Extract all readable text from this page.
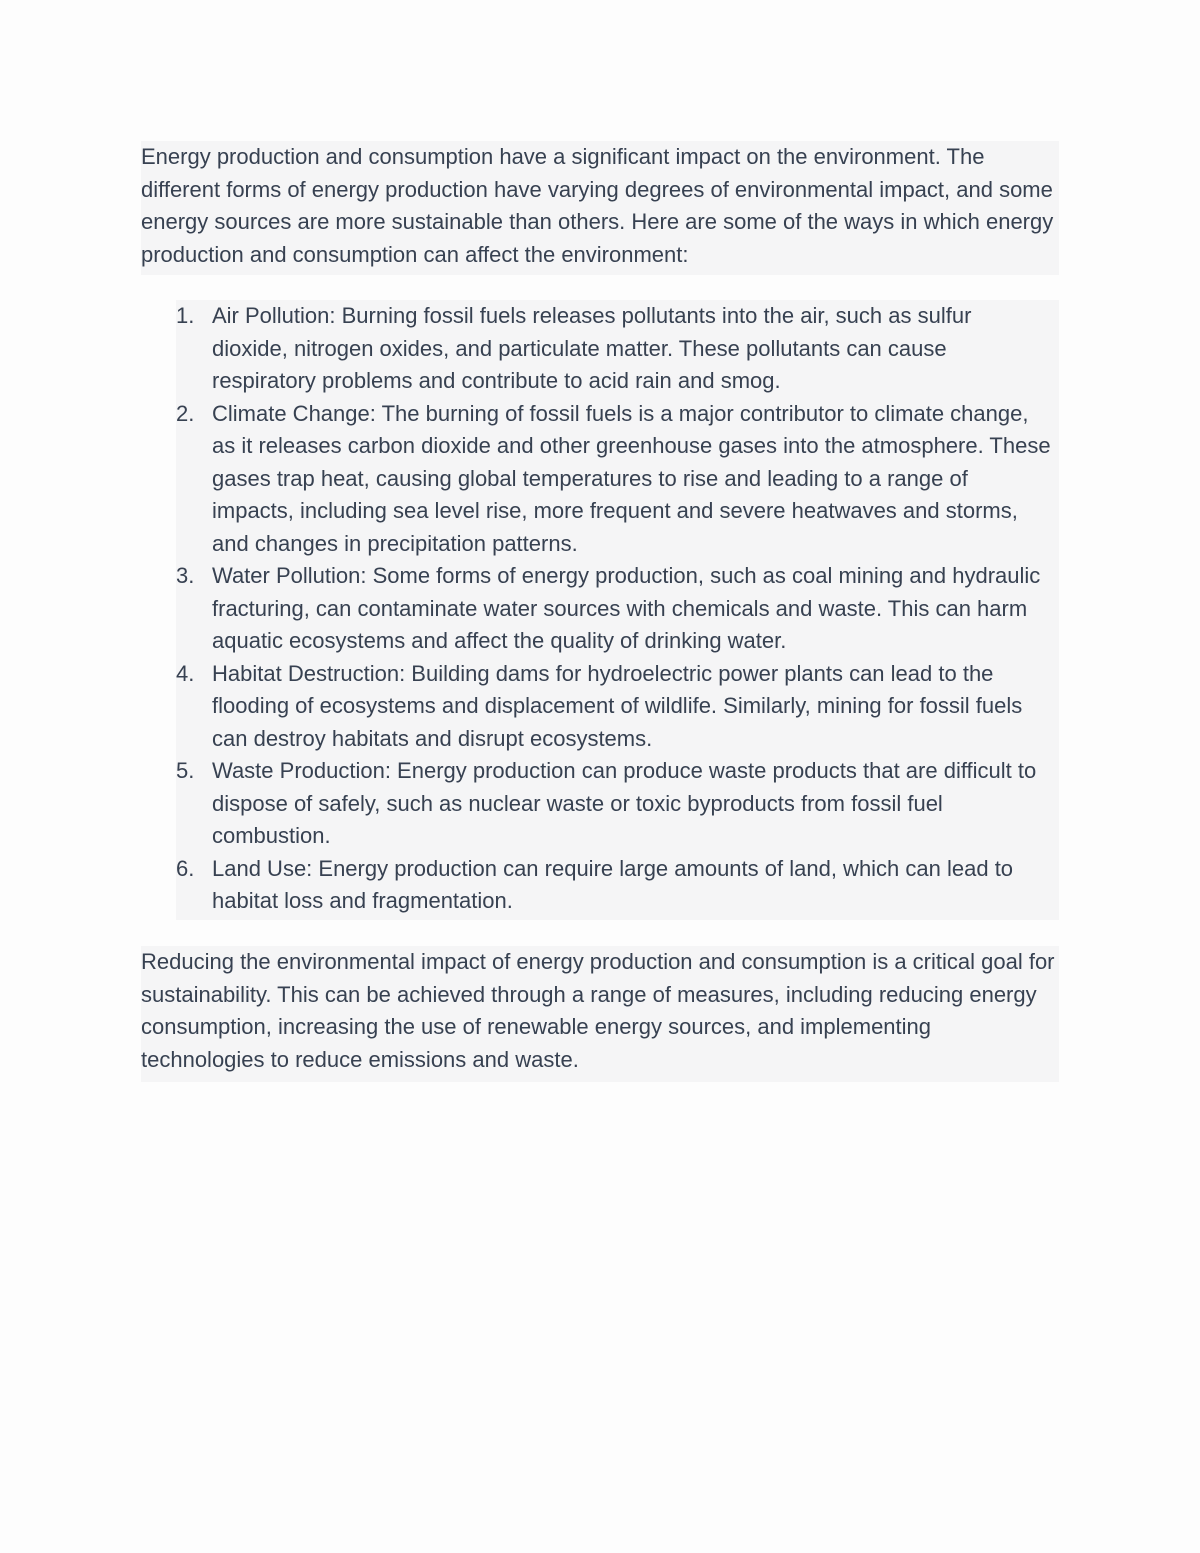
Energy production and consumption have a significant impact on the environment. The different forms of energy production have varying degrees of environmental impact, and some energy sources are more sustainable than others. Here are some of the ways in which energy production and consumption can affect the environment:

1. Air Pollution: Burning fossil fuels releases pollutants into the air, such as sulfur dioxide, nitrogen oxides, and particulate matter. These pollutants can cause respiratory problems and contribute to acid rain and smog.
2. Climate Change: The burning of fossil fuels is a major contributor to climate change, as it releases carbon dioxide and other greenhouse gases into the atmosphere. These gases trap heat, causing global temperatures to rise and leading to a range of impacts, including sea level rise, more frequent and severe heatwaves and storms, and changes in precipitation patterns.
3. Water Pollution: Some forms of energy production, such as coal mining and hydraulic fracturing, can contaminate water sources with chemicals and waste. This can harm aquatic ecosystems and affect the quality of drinking water.
4. Habitat Destruction: Building dams for hydroelectric power plants can lead to the flooding of ecosystems and displacement of wildlife. Similarly, mining for fossil fuels can destroy habitats and disrupt ecosystems.
5. Waste Production: Energy production can produce waste products that are difficult to dispose of safely, such as nuclear waste or toxic byproducts from fossil fuel combustion.
6. Land Use: Energy production can require large amounts of land, which can lead to habitat loss and fragmentation.

Reducing the environmental impact of energy production and consumption is a critical goal for sustainability. This can be achieved through a range of measures, including reducing energy consumption, increasing the use of renewable energy sources, and implementing technologies to reduce emissions and waste.
